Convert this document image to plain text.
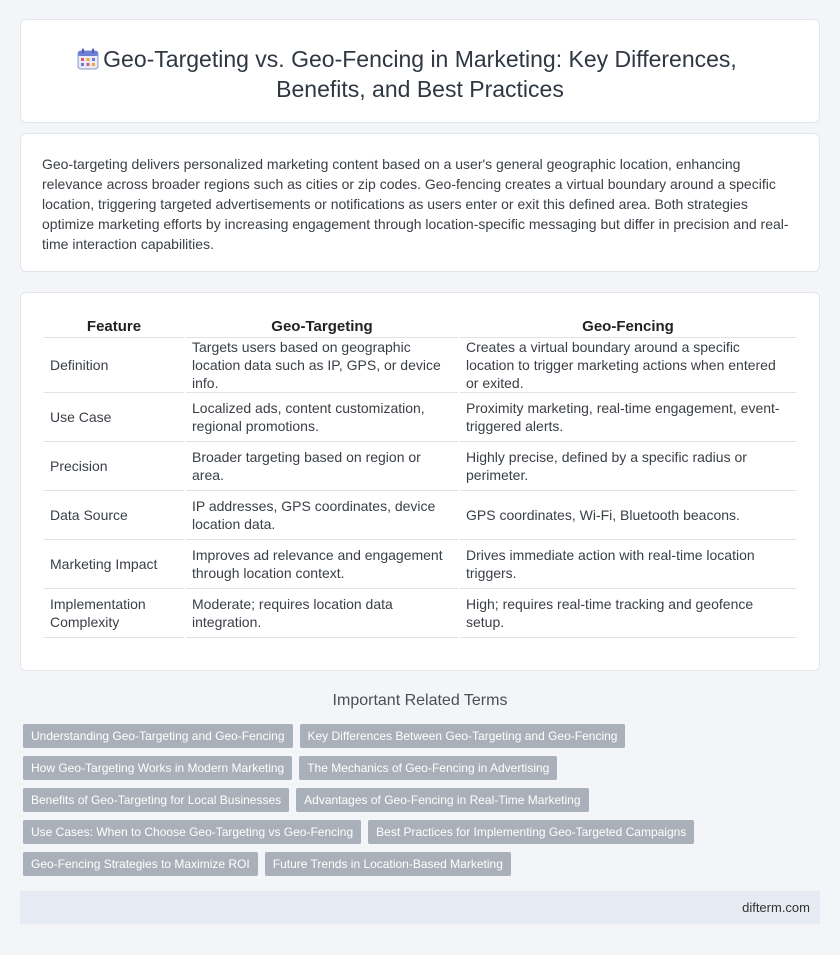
Geo-Targeting vs. Geo-Fencing in Marketing: Key Differences,
Benefits, and Best Practices

Geo-targeting delivers personalized marketing content based on a user's general geographic location, enhancing relevance across broader regions such as cities or zip codes. Geo-fencing creates a virtual boundary around a specific location, triggering targeted advertisements or notifications as users enter or exit this defined area. Both strategies optimize marketing efforts by increasing engagement through location-specific messaging but differ in precision and real-time interaction capabilities.

Feature	Geo-Targeting	Geo-Fencing
Definition	Targets users based on geographic location data such as IP, GPS, or device info.	Creates a virtual boundary around a specific location to trigger marketing actions when entered or exited.
Use Case	Localized ads, content customization, regional promotions.	Proximity marketing, real-time engagement, event-triggered alerts.
Precision	Broader targeting based on region or area.	Highly precise, defined by a specific radius or perimeter.
Data Source	IP addresses, GPS coordinates, device location data.	GPS coordinates, Wi-Fi, Bluetooth beacons.
Marketing Impact	Improves ad relevance and engagement through location context.	Drives immediate action with real-time location triggers.
Implementation Complexity	Moderate; requires location data integration.	High; requires real-time tracking and geofence setup.
Important Related Terms
Understanding Geo-Targeting and Geo-Fencing	Key Differences Between Geo-Targeting and Geo-Fencing
How Geo-Targeting Works in Modern Marketing	The Mechanics of Geo-Fencing in Advertising
Benefits of Geo-Targeting for Local Businesses	Advantages of Geo-Fencing in Real-Time Marketing
Use Cases: When to Choose Geo-Targeting vs Geo-Fencing	Best Practices for Implementing Geo-Targeted Campaigns
Geo-Fencing Strategies to Maximize ROI	Future Trends in Location-Based Marketing
difterm.com
